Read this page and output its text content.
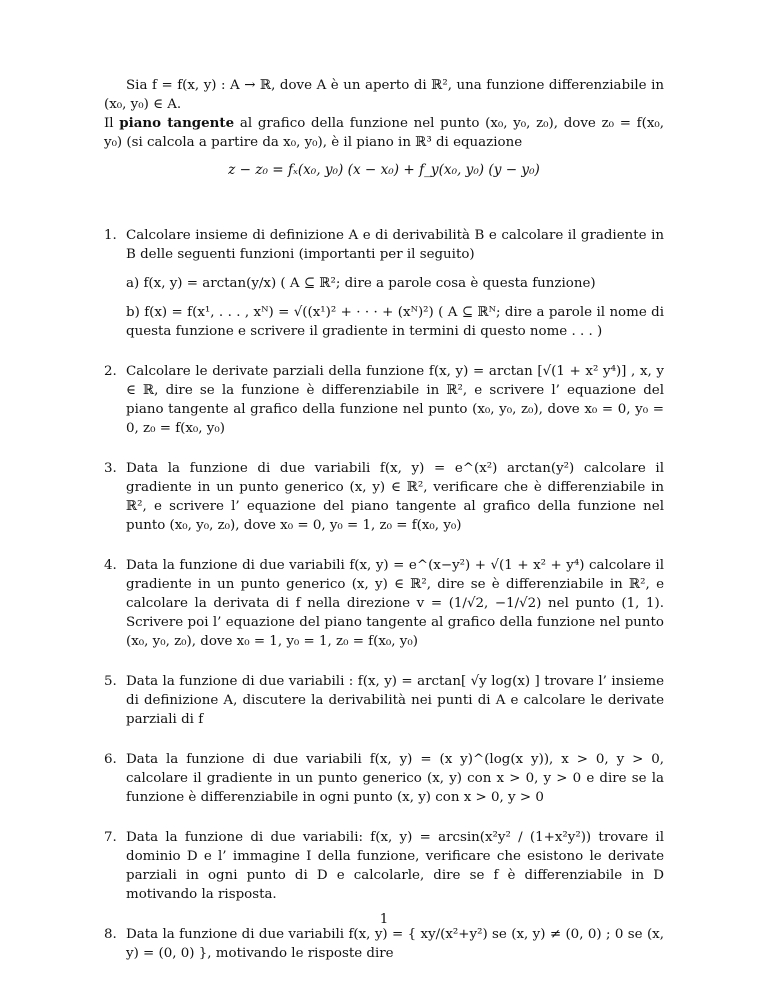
Sia f = f(x, y) : A → ℝ, dove A è un aperto di ℝ², una funzione differenziabile in (x₀, y₀) ∈ A.

Il piano tangente al grafico della funzione nel punto (x₀, y₀, z₀), dove z₀ = f(x₀, y₀) (si calcola a partire da x₀, y₀), è il piano in ℝ³ di equazione

z − z₀ = fₓ(x₀, y₀) (x − x₀) + f_y(x₀, y₀) (y − y₀)
1. Calcolare insieme di definizione A e di derivabilità B e calcolare il gradiente in B delle seguenti funzioni (importanti per il seguito)
a) f(x, y) = arctan(y/x) ( A ⊆ ℝ²; dire a parole cosa è questa funzione)
b) f(x) = f(x¹, . . . , xᴺ) = √((x¹)² + · · · + (xᴺ)²) ( A ⊆ ℝᴺ; dire a parole il nome di questa funzione e scrivere il gradiente in termini di questo nome . . . )
2. Calcolare le derivate parziali della funzione f(x, y) = arctan [√(1 + x² y⁴)] , x, y ∈ ℝ, dire se la funzione è differenziabile in ℝ², e scrivere l’ equazione del piano tangente al grafico della funzione nel punto (x₀, y₀, z₀), dove x₀ = 0, y₀ = 0, z₀ = f(x₀, y₀)
3. Data la funzione di due variabili f(x, y) = e^(x²) arctan(y²) calcolare il gradiente in un punto generico (x, y) ∈ ℝ², verificare che è differenziabile in ℝ², e scrivere l’ equazione del piano tangente al grafico della funzione nel punto (x₀, y₀, z₀), dove x₀ = 0, y₀ = 1, z₀ = f(x₀, y₀)
4. Data la funzione di due variabili f(x, y) = e^(x−y²) + √(1 + x² + y⁴) calcolare il gradiente in un punto generico (x, y) ∈ ℝ², dire se è differenziabile in ℝ², e calcolare la derivata di f nella direzione v = (1/√2, −1/√2) nel punto (1, 1). Scrivere poi l’ equazione del piano tangente al grafico della funzione nel punto (x₀, y₀, z₀), dove x₀ = 1, y₀ = 1, z₀ = f(x₀, y₀)
5. Data la funzione di due variabili : f(x, y) = arctan[ √y log(x) ] trovare l’ insieme di definizione A, discutere la derivabilità nei punti di A e calcolare le derivate parziali di f
6. Data la funzione di due variabili f(x, y) = (x y)^(log(x y)), x > 0, y > 0, calcolare il gradiente in un punto generico (x, y) con x > 0, y > 0 e dire se la funzione è differenziabile in ogni punto (x, y) con x > 0, y > 0
7. Data la funzione di due variabili: f(x, y) = arcsin(x²y² / (1+x²y²)) trovare il dominio D e l’ immagine I della funzione, verificare che esistono le derivate parziali in ogni punto di D e calcolarle, dire se f è differenziabile in D motivando la risposta.
8. Data la funzione di due variabili f(x, y) = { xy/(x²+y²) se (x, y) ≠ (0, 0) ; 0 se (x, y) = (0, 0) }, motivando le risposte dire
1
